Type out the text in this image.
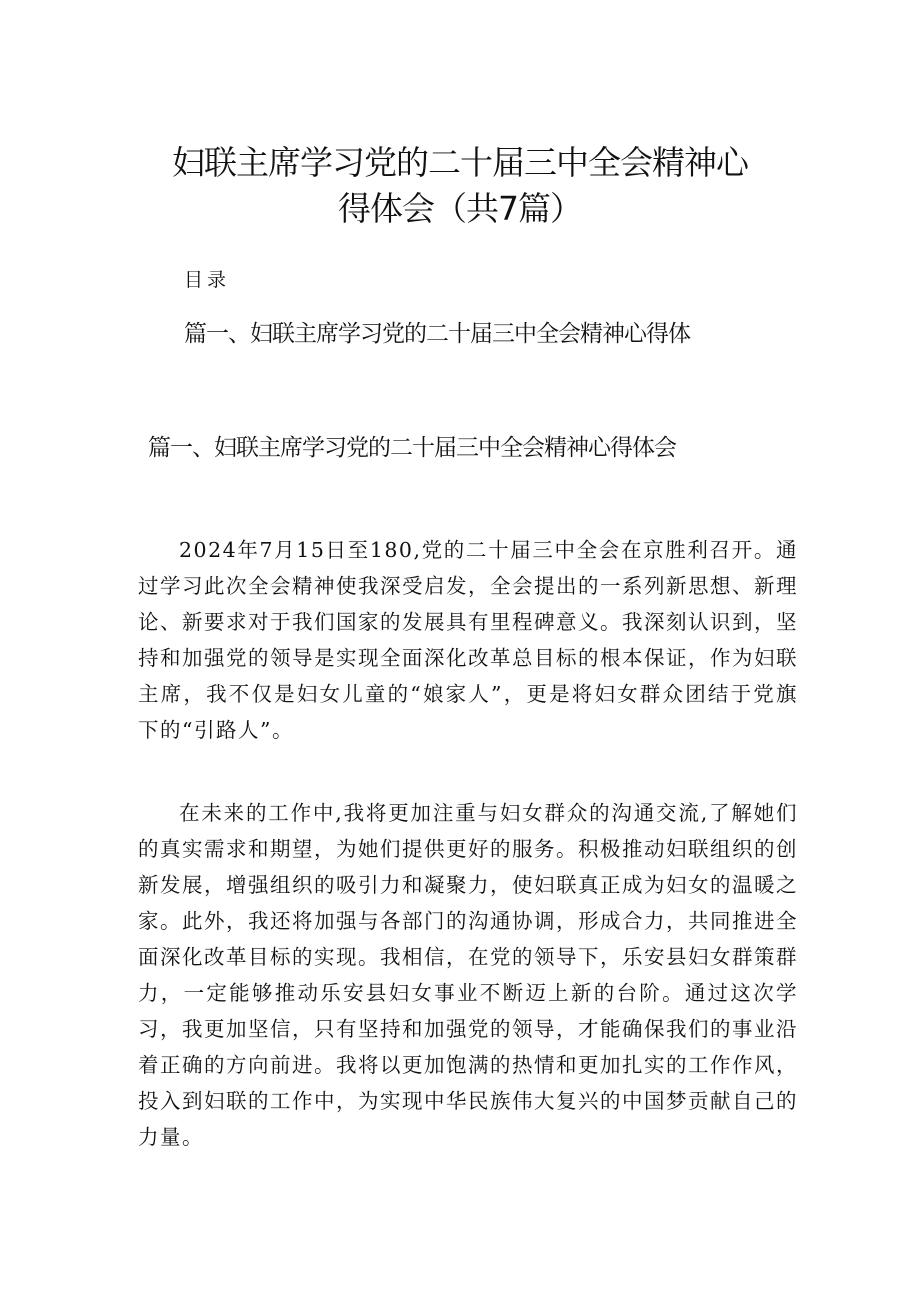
妇联主席学习党的二十届三中全会精神心
得体会（共7篇）
目录
篇一、妇联主席学习党的二十届三中全会精神心得体
篇一、妇联主席学习党的二十届三中全会精神心得体会

2024年7月15日至180,党的二十届三中全会在京胜利召开。通过学习此次全会精神使我深受启发，全会提出的一系列新思想、新理论、新要求对于我们国家的发展具有里程碑意义。我深刻认识到，坚持和加强党的领导是实现全面深化改革总目标的根本保证，作为妇联主席，我不仅是妇女儿童的“娘家人”，更是将妇女群众团结于党旗下的“引路人”。

在未来的工作中,我将更加注重与妇女群众的沟通交流,了解她们的真实需求和期望，为她们提供更好的服务。积极推动妇联组织的创新发展，增强组织的吸引力和凝聚力，使妇联真正成为妇女的温暖之家。此外，我还将加强与各部门的沟通协调，形成合力，共同推进全面深化改革目标的实现。我相信，在党的领导下，乐安县妇女群策群力，一定能够推动乐安县妇女事业不断迈上新的台阶。通过这次学习，我更加坚信，只有坚持和加强党的领导，才能确保我们的事业沿着正确的方向前进。我将以更加饱满的热情和更加扎实的工作作风，投入到妇联的工作中，为实现中华民族伟大复兴的中国梦贡献自己的力量。
